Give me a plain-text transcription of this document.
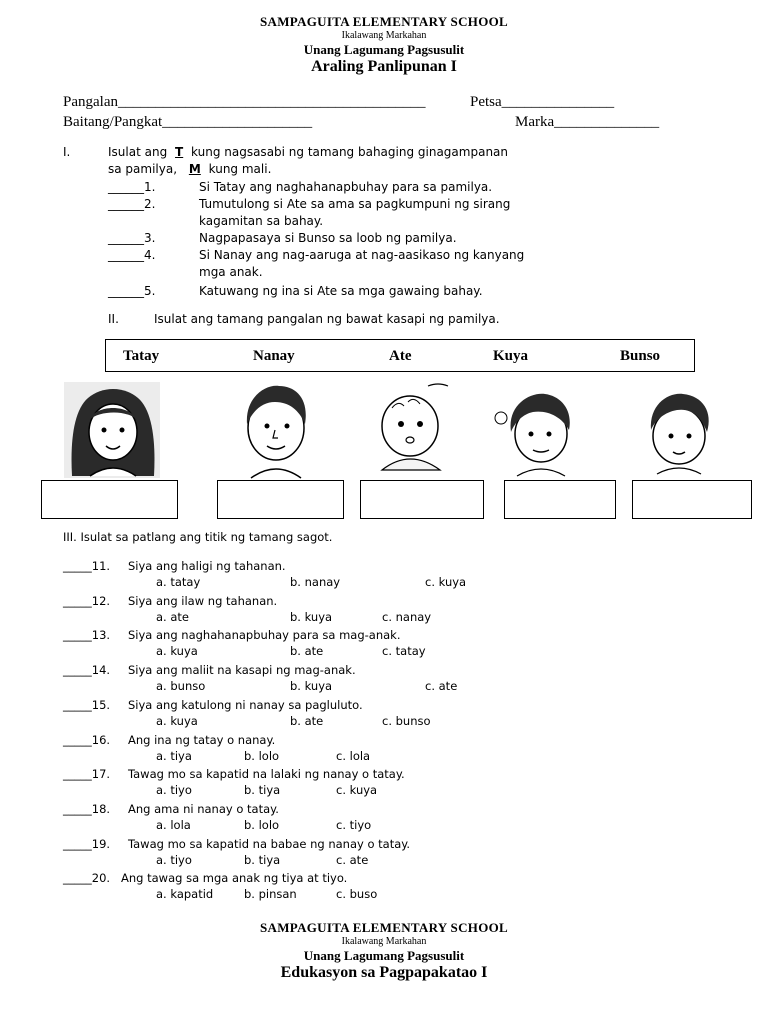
SAMPAGUITA ELEMENTARY SCHOOL
Ikalawang Markahan
Unang Lagumang Pagsusulit
Araling Panlipunan I
Pangalan_________________________________________	Petsa_______________
Baitang/Pangkat____________________	Marka______________
I.	Isulat ang T kung nagsasabi ng tamang bahaging ginagampanan
sa pamilya, M kung mali.
______1.	Si Tatay ang naghahanapbuhay para sa pamilya.
______2.	Tumutulong si Ate sa ama sa pagkumpuni ng sirang
kagamitan sa bahay.
______3.	Nagpapasaya si Bunso sa loob ng pamilya.
______4.	Si Nanay ang nag-aaruga at nag-aasikaso ng kanyang
mga anak.
______5.	Katuwang ng ina si Ate sa mga gawaing bahay.
II.	Isulat ang tamang pangalan ng bawat kasapi ng pamilya.
Tatay	Nanay	Ate	Kuya	Bunso
III. Isulat sa patlang ang titik ng tamang sagot.
_____11. Siya ang haligi ng tahanan.
a. tatay	b. nanay	c. kuya
_____12. Siya ang ilaw ng tahanan.
a. ate	b. kuya	c. nanay
_____13. Siya ang naghahanapbuhay para sa mag-anak.
a. kuya	b. ate	c. tatay
_____14. Siya ang maliit na kasapi ng mag-anak.
a. bunso	b. kuya	c. ate
_____15. Siya ang katulong ni nanay sa pagluluto.
a. kuya	b. ate	c. bunso
_____16. Ang ina ng tatay o nanay.
a. tiya	b. lolo	c. lola
_____17. Tawag mo sa kapatid na lalaki ng nanay o tatay.
a. tiyo	b. tiya	c. kuya
_____18. Ang ama ni nanay o tatay.
a. lola	b. lolo	c. tiyo
_____19. Tawag mo sa kapatid na babae ng nanay o tatay.
a. tiyo	b. tiya	c. ate
_____20. Ang tawag sa mga anak ng tiya at tiyo.
a. kapatid	b. pinsan	c. buso
SAMPAGUITA ELEMENTARY SCHOOL
Ikalawang Markahan
Unang Lagumang Pagsusulit
Edukasyon sa Pagpapakatao I
